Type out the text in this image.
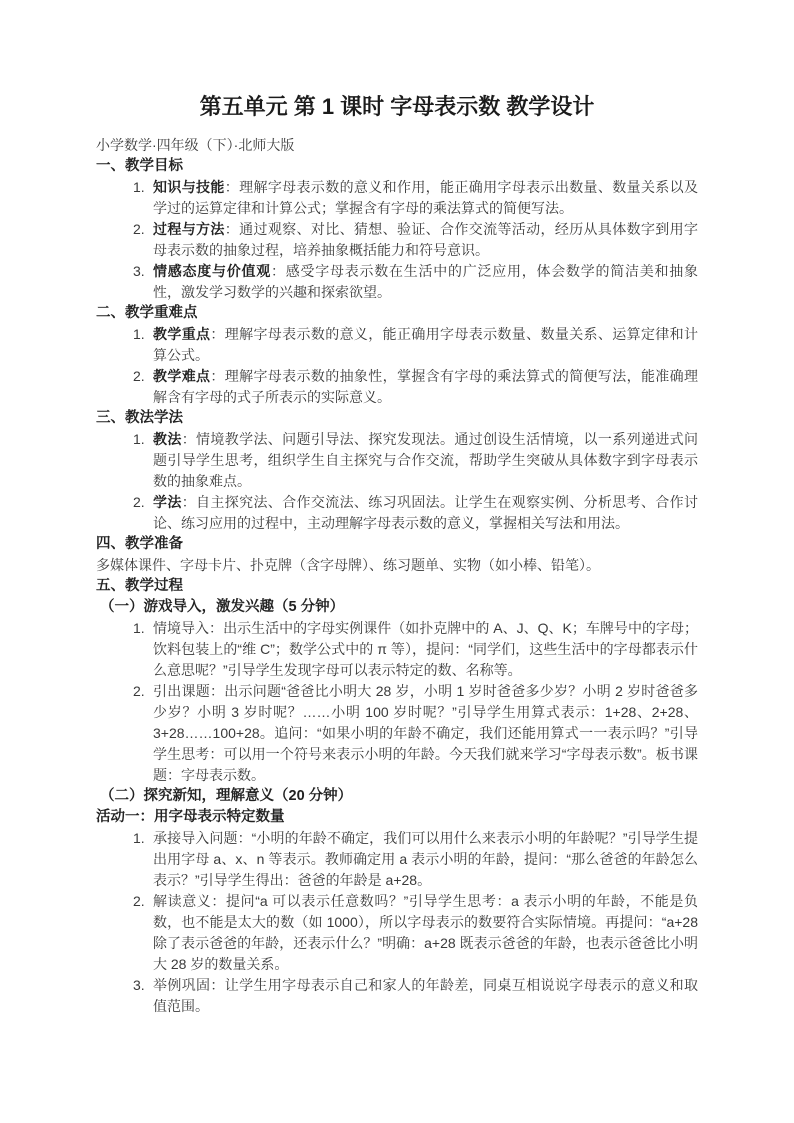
第五单元 第 1 课时 字母表示数 教学设计

小学数学·四年级（下）·北师大版

一、教学目标
1. 知识与技能：理解字母表示数的意义和作用，能正确用字母表示出数量、数量关系以及学过的运算定律和计算公式；掌握含有字母的乘法算式的简便写法。
2. 过程与方法：通过观察、对比、猜想、验证、合作交流等活动，经历从具体数字到用字母表示数的抽象过程，培养抽象概括能力和符号意识。
3. 情感态度与价值观：感受字母表示数在生活中的广泛应用，体会数学的简洁美和抽象性，激发学习数学的兴趣和探索欲望。
二、教学重难点
1. 教学重点：理解字母表示数的意义，能正确用字母表示数量、数量关系、运算定律和计算公式。
2. 教学难点：理解字母表示数的抽象性，掌握含有字母的乘法算式的简便写法，能准确理解含有字母的式子所表示的实际意义。
三、教法学法
1. 教法：情境教学法、问题引导法、探究发现法。通过创设生活情境，以一系列递进式问题引导学生思考，组织学生自主探究与合作交流，帮助学生突破从具体数字到字母表示数的抽象难点。
2. 学法：自主探究法、合作交流法、练习巩固法。让学生在观察实例、分析思考、合作讨论、练习应用的过程中，主动理解字母表示数的意义，掌握相关写法和用法。
四、教学准备

多媒体课件、字母卡片、扑克牌（含字母牌）、练习题单、实物（如小棒、铅笔）。

五、教学过程
（一）游戏导入，激发兴趣（5 分钟）
1. 情境导入：出示生活中的字母实例课件（如扑克牌中的 A、J、Q、K；车牌号中的字母；饮料包装上的“维 C”；数学公式中的 π 等），提问：“同学们，这些生活中的字母都表示什么意思呢？”引导学生发现字母可以表示特定的数、名称等。
2. 引出课题：出示问题“爸爸比小明大 28 岁，小明 1 岁时爸爸多少岁？小明 2 岁时爸爸多少岁？小明 3 岁时呢？……小明 100 岁时呢？”引导学生用算式表示：1+28、2+28、3+28……100+28。追问：“如果小明的年龄不确定，我们还能用算式一一表示吗？”引导学生思考：可以用一个符号来表示小明的年龄。今天我们就来学习“字母表示数”。板书课题：字母表示数。
（二）探究新知，理解意义（20 分钟）
活动一：用字母表示特定数量
1. 承接导入问题：“小明的年龄不确定，我们可以用什么来表示小明的年龄呢？”引导学生提出用字母 a、x、n 等表示。教师确定用 a 表示小明的年龄，提问：“那么爸爸的年龄怎么表示？”引导学生得出：爸爸的年龄是 a+28。
2. 解读意义：提问“a 可以表示任意数吗？”引导学生思考：a 表示小明的年龄，不能是负数，也不能是太大的数（如 1000），所以字母表示的数要符合实际情境。再提问：“a+28 除了表示爸爸的年龄，还表示什么？”明确：a+28 既表示爸爸的年龄，也表示爸爸比小明大 28 岁的数量关系。
3. 举例巩固：让学生用字母表示自己和家人的年龄差，同桌互相说说字母表示的意义和取值范围。
